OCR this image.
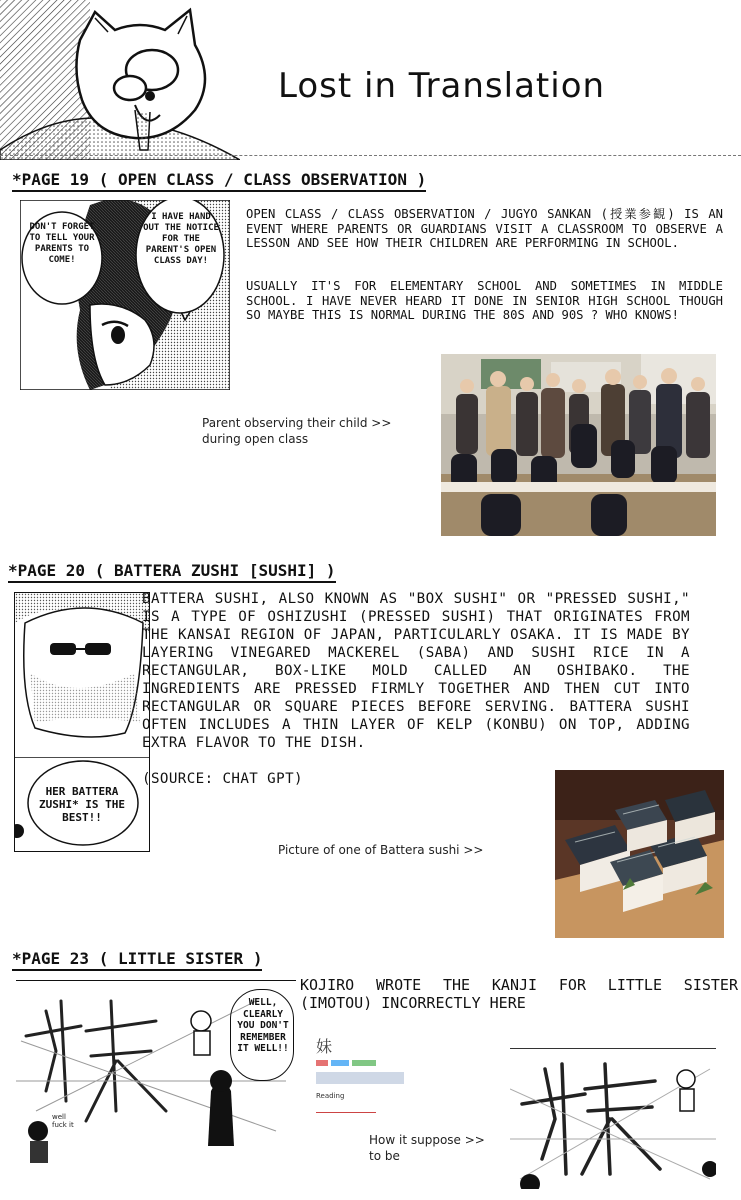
Lost in Translation
*PAGE 19 ( OPEN CLASS / CLASS OBSERVATION )
DON'T FORGET TO TELL YOUR PARENTS TO COME!
I HAVE HAND OUT THE NOTICE FOR THE PARENT'S OPEN CLASS DAY!
OPEN CLASS / CLASS OBSERVATION / JUGYO SANKAN (授業参観) IS AN EVENT WHERE PARENTS OR GUARDIANS VISIT A CLASSROOM TO OBSERVE A LESSON AND SEE HOW THEIR CHILDREN ARE PERFORMING IN SCHOOL.
USUALLY IT'S FOR ELEMENTARY SCHOOL AND SOMETIMES IN MIDDLE SCHOOL. I HAVE NEVER HEARD IT DONE IN SENIOR HIGH SCHOOL THOUGH SO MAYBE THIS IS NORMAL DURING THE 80S AND 90S ? WHO KNOWS!
Parent observing their child >>
during open class
*PAGE 20 ( BATTERA ZUSHI [SUSHI] )
HER BATTERA ZUSHI* IS THE BEST!!
BATTERA SUSHI, ALSO KNOWN AS "BOX SUSHI" OR "PRESSED SUSHI," IS A TYPE OF OSHIZUSHI (PRESSED SUSHI) THAT ORIGINATES FROM THE KANSAI REGION OF JAPAN, PARTICULARLY OSAKA. IT IS MADE BY LAYERING VINEGARED MACKEREL (SABA) AND SUSHI RICE IN A RECTANGULAR, BOX-LIKE MOLD CALLED AN OSHIBAKO. THE INGREDIENTS ARE PRESSED FIRMLY TOGETHER AND THEN CUT INTO RECTANGULAR OR SQUARE PIECES BEFORE SERVING. BATTERA SUSHI OFTEN INCLUDES A THIN LAYER OF KELP (KONBU) ON TOP, ADDING EXTRA FLAVOR TO THE DISH.
(SOURCE: CHAT GPT)
Picture of one of Battera sushi >>
*PAGE 23 ( LITTLE SISTER )
KOJIRO WROTE THE KANJI FOR LITTLE SISTER (IMOTOU) INCORRECTLY HERE
WELL, CLEARLY YOU DON'T REMEMBER IT WELL!!
well fuck it
妹
Reading
How it suppose >>
to be
